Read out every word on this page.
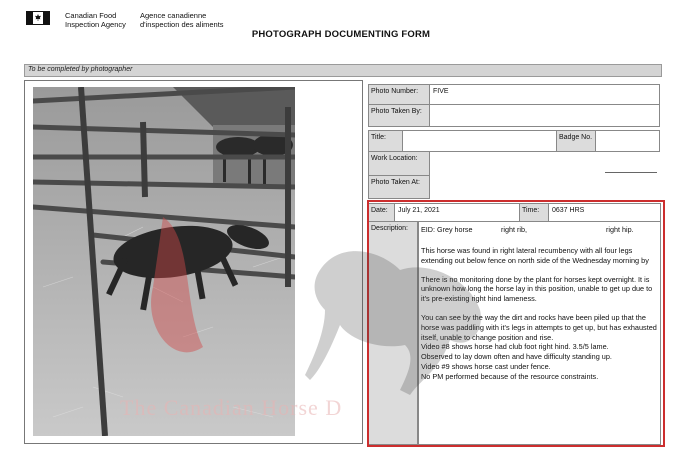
Canadian Food
Inspection Agency
Agence canadienne
d'inspection des aliments
PHOTOGRAPH DOCUMENTING FORM
To be completed by photographer
Photo Number:	FIVE
Photo Taken By:
Title:	Badge No.
Work Location:
Photo Taken At:
Date:	July 21, 2021	Time:	0637 HRS
Description:	EID: Grey horse	right rib,	right hip.

This horse was found in right lateral recumbency with all four legs extending out below fence on north side of the Wednesday morning by

There is no monitoring done by the plant for horses kept overnight. It is unknown how long the horse lay in this position, unable to get up due to it's pre-existing right hind lameness.

You can see by the way the dirt and rocks have been piled up that the horse was paddling with it's legs in attempts to get up, but has exhausted itself, unable to change position and rise.

Video #8 shows horse had club foot right hind. 3.5/5 lame.

Observed to lay down often and have difficulty standing up.

Video #9 shows horse cast under fence.

No PM performed because of the resource constraints.

The Canadian Horse D
